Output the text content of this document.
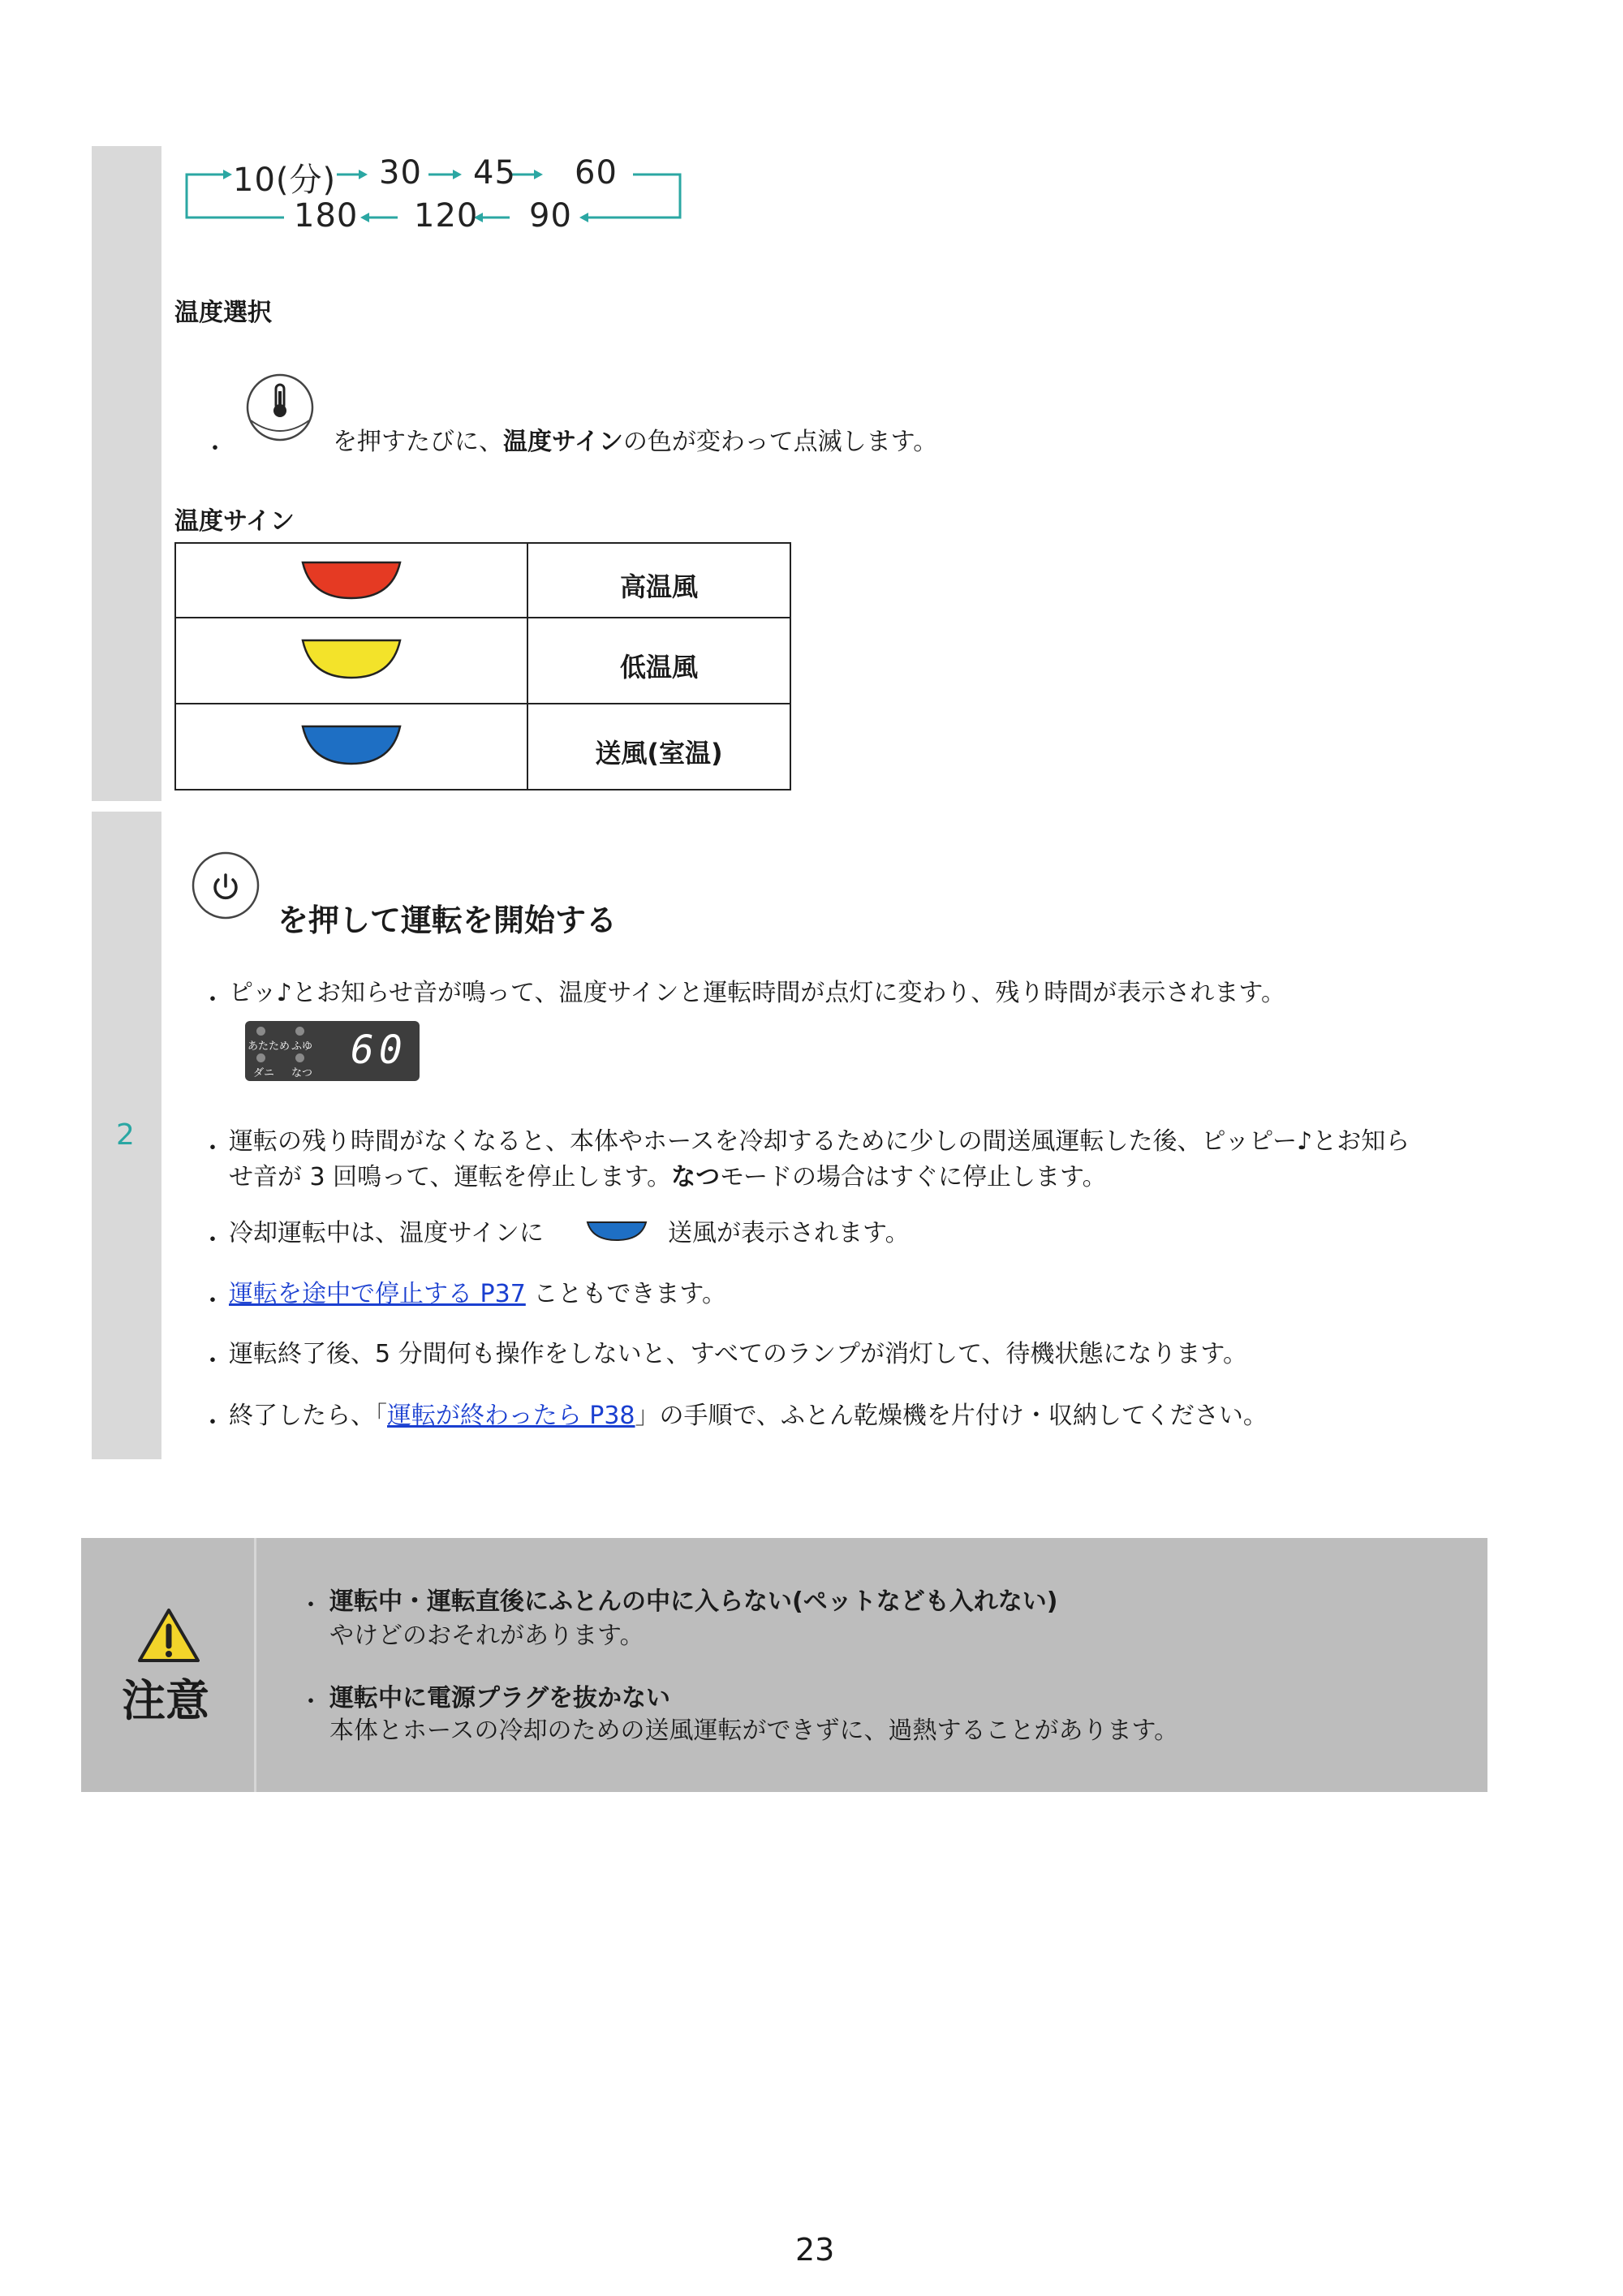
10(分) 30 45 60
180 120 90
温度選択
・	を押すたびに、温度サインの色が変わって点滅します。
温度サイン
	高温風

	低温風

	送風(室温)
2
を押して運転を開始する
・ ピッ♪とお知らせ音が鳴って、温度サインと運転時間が点灯に変わり、残り時間が表示されます。
あたため ふゆ
ダニ なつ
60
・ 運転の残り時間がなくなると、本体やホースを冷却するために少しの間送風運転した後、ピッピー♪とお知ら
せ音が 3 回鳴って、運転を停止します。なつモードの場合はすぐに停止します。
・ 冷却運転中は、温度サインに	送風が表示されます。
・ 運転を途中で停止する P37 こともできます。
・ 運転終了後、5 分間何も操作をしないと、すべてのランプが消灯して、待機状態になります。
・ 終了したら、「運転が終わったら P38」の手順で、ふとん乾燥機を片付け・収納してください。
注意
・ 運転中・運転直後にふとんの中に入らない(ペットなども入れない)
やけどのおそれがあります。
・ 運転中に電源プラグを抜かない
本体とホースの冷却のための送風運転ができずに、過熱することがあります。
23
